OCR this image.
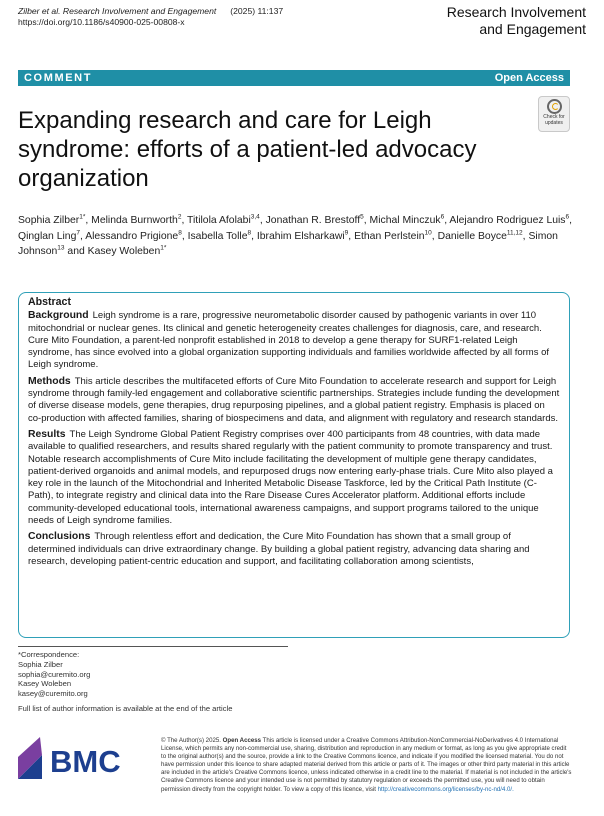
Zilber et al. Research Involvement and Engagement (2025) 11:137
https://doi.org/10.1186/s40900-025-00808-x
Research Involvement
and Engagement
COMMENT	Open Access
Expanding research and care for Leigh syndrome: efforts of a patient-led advocacy organization
Check for
updates
Sophia Zilber$^{1*}$, Melinda Burnworth$^2$, Titilola Afolabi$^{3,4}$, Jonathan R. Brestoff$^5$, Michal Minczuk$^6$, Alejandro Rodriguez Luis$^6$, Qinglan Ling$^7$, Alessandro Prigione$^8$, Isabella Tolle$^8$, Ibrahim Elsharkawi$^9$, Ethan Perlstein$^{10}$, Danielle Boyce$^{11,12}$, Simon Johnson$^{13}$ and Kasey Woleben$^{1*}$
Abstract

Background Leigh syndrome is a rare, progressive neurometabolic disorder caused by pathogenic variants in over 110 mitochondrial or nuclear genes. Its clinical and genetic heterogeneity creates challenges for diagnosis, care, and research. Cure Mito Foundation, a parent-led nonprofit established in 2018 to develop a gene therapy for SURF1-related Leigh syndrome, has since evolved into a global organization supporting individuals and families worldwide affected by all forms of Leigh syndrome.

Methods This article describes the multifaceted efforts of Cure Mito Foundation to accelerate research and support for Leigh syndrome through family-led engagement and collaborative scientific partnerships. Strategies include funding the development of diverse disease models, gene therapies, drug repurposing pipelines, and a global patient registry. Emphasis is placed on co-production with affected families, sharing of biospecimens and data, and alignment with regulatory and research standards.

Results The Leigh Syndrome Global Patient Registry comprises over 400 participants from 48 countries, with data made available to qualified researchers, and results shared regularly with the patient community to promote transparency and trust. Notable research accomplishments of Cure Mito include facilitating the development of multiple gene therapy candidates, patient-derived organoids and animal models, and repurposed drugs now entering early-phase trials. Cure Mito also played a key role in the launch of the Mitochondrial and Inherited Metabolic Disease Taskforce, led by the Critical Path Institute (C-Path), to integrate registry and clinical data into the Rare Disease Cures Accelerator platform. Additional efforts include community-developed educational tools, international awareness campaigns, and support programs tailored to the unique needs of Leigh syndrome families.

Conclusions Through relentless effort and dedication, the Cure Mito Foundation has shown that a small group of determined individuals can drive extraordinary change. By building a global patient registry, advancing data sharing and research, developing patient-centric education and support, and facilitating collaboration among scientists,

*Correspondence:
Sophia Zilber
sophia@curemito.org
Kasey Woleben
kasey@curemito.org
Full list of author information is available at the end of the article
BMC
© The Author(s) 2025. Open Access This article is licensed under a Creative Commons Attribution-NonCommercial-NoDerivatives 4.0 International License, which permits any non-commercial use, sharing, distribution and reproduction in any medium or format, as long as you give appropriate credit to the original author(s) and the source, provide a link to the Creative Commons licence, and indicate if you modified the licensed material. You do not have permission under this licence to share adapted material derived from this article or parts of it. The images or other third party material in this article are included in the article's Creative Commons licence, unless indicated otherwise in a credit line to the material. If material is not included in the article's Creative Commons licence and your intended use is not permitted by statutory regulation or exceeds the permitted use, you will need to obtain permission directly from the copyright holder. To view a copy of this licence, visit http://creativecommons.org/licenses/by-nc-nd/4.0/.
